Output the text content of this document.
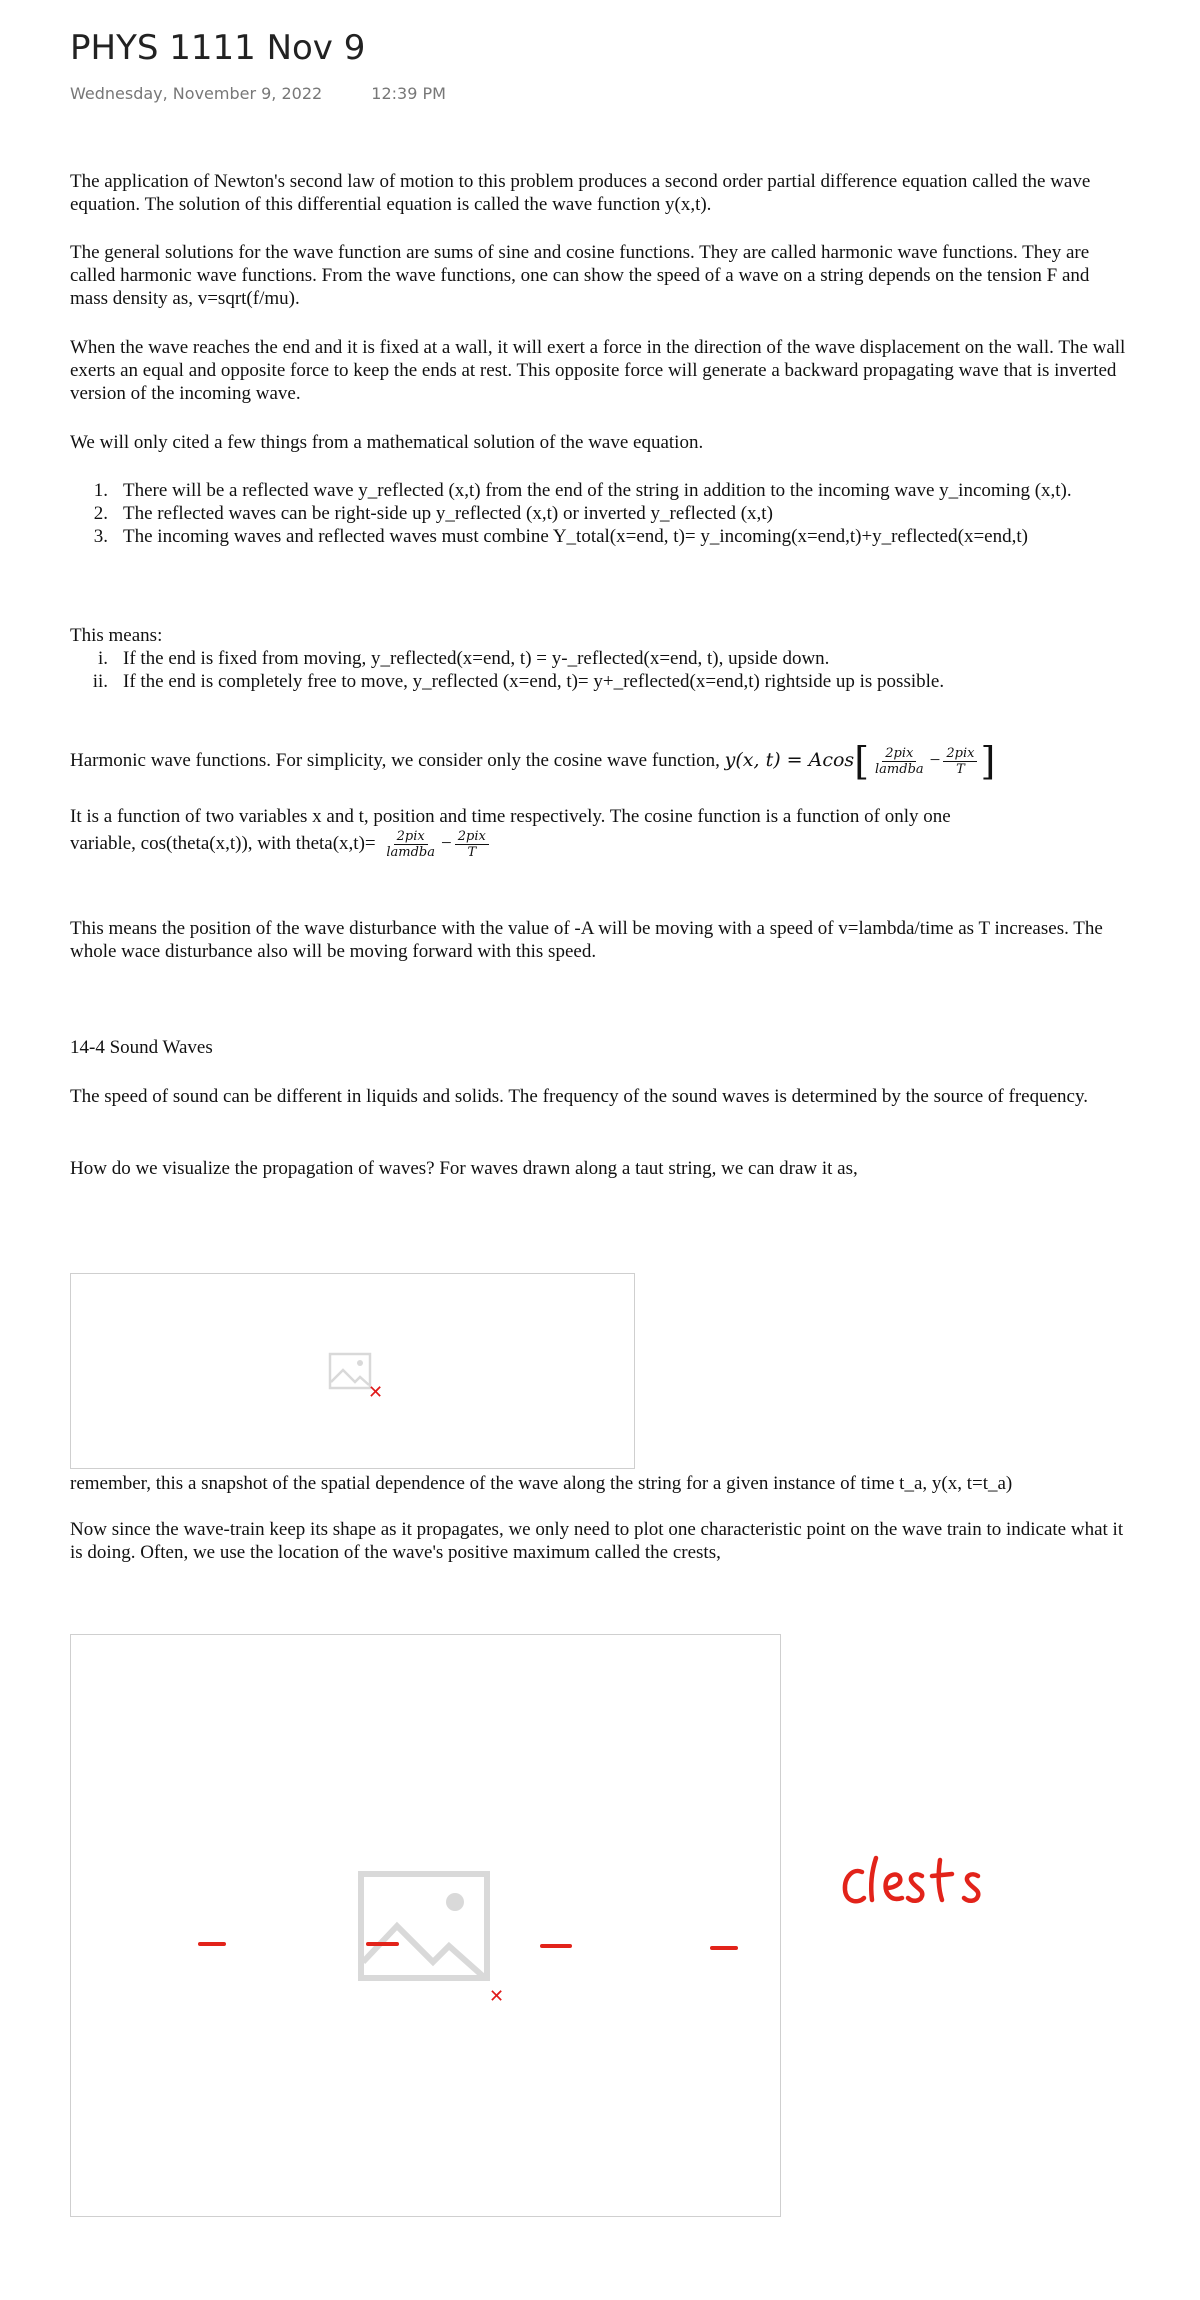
PHYS 1111 Nov 9
Wednesday, November 9, 2022	12:39 PM

The application of Newton's second law of motion to this problem produces a second order partial difference equation called the wave equation. The solution of this differential equation is called the wave function y(x,t).

The general solutions for the wave function are sums of sine and cosine functions. They are called harmonic wave functions. They are called harmonic wave functions. From the wave functions, one can show the speed of a wave on a string depends on the tension F and mass density as, v=sqrt(f/mu).

When the wave reaches the end and it is fixed at a wall, it will exert a force in the direction of the wave displacement on the wall. The wall exerts an equal and opposite force to keep the ends at rest. This opposite force will generate a backward propagating wave that is inverted version of the incoming wave.

We will only cited a few things from a mathematical solution of the wave equation.

1. There will be a reflected wave y_reflected (x,t) from the end of the string in addition to the incoming wave y_incoming (x,t).
2. The reflected waves can be right-side up y_reflected (x,t) or inverted y_reflected (x,t)
3. The incoming waves and reflected waves must combine Y_total(x=end, t)= y_incoming(x=end,t)+y_reflected(x=end,t)

This means:

i. If the end is fixed from moving, y_reflected(x=end, t) = y-_reflected(x=end, t), upside down.
ii. If the end is completely free to move, y_reflected (x=end, t)= y+_reflected(x=end,t) rightside up is possible.
Harmonic wave functions. For simplicity, we consider only the cosine wave function, y(x, $t) = Acos[ \frac{\text{2pix}}{\text{lamdba}} - \frac{\text{2pix}}{T}$ ]

It is a function of two variables x and t, position and time respectively. The cosine function is a function of only one

variable, cos(theta(x,t)), with theta(x,t)= $\frac{\text{2pix}}{\text{lamdba}} - \frac{\text{2pix}}{T}$

This means the position of the wave disturbance with the value of -A will be moving with a speed of v=lambda/time as T increases. The whole wace disturbance also will be moving forward with this speed.

14-4 Sound Waves

The speed of sound can be different in liquids and solids. The frequency of the sound waves is determined by the source of frequency.

How do we visualize the propagation of waves? For waves drawn along a taut string, we can draw it as,

✕

remember, this a snapshot of the spatial dependence of the wave along the string for a given instance of time t_a, y(x, t=t_a)

Now since the wave-train keep its shape as it propagates, we only need to plot one characteristic point on the wave train to indicate what it is doing. Often, we use the location of the wave's positive maximum called the crests,

✕
